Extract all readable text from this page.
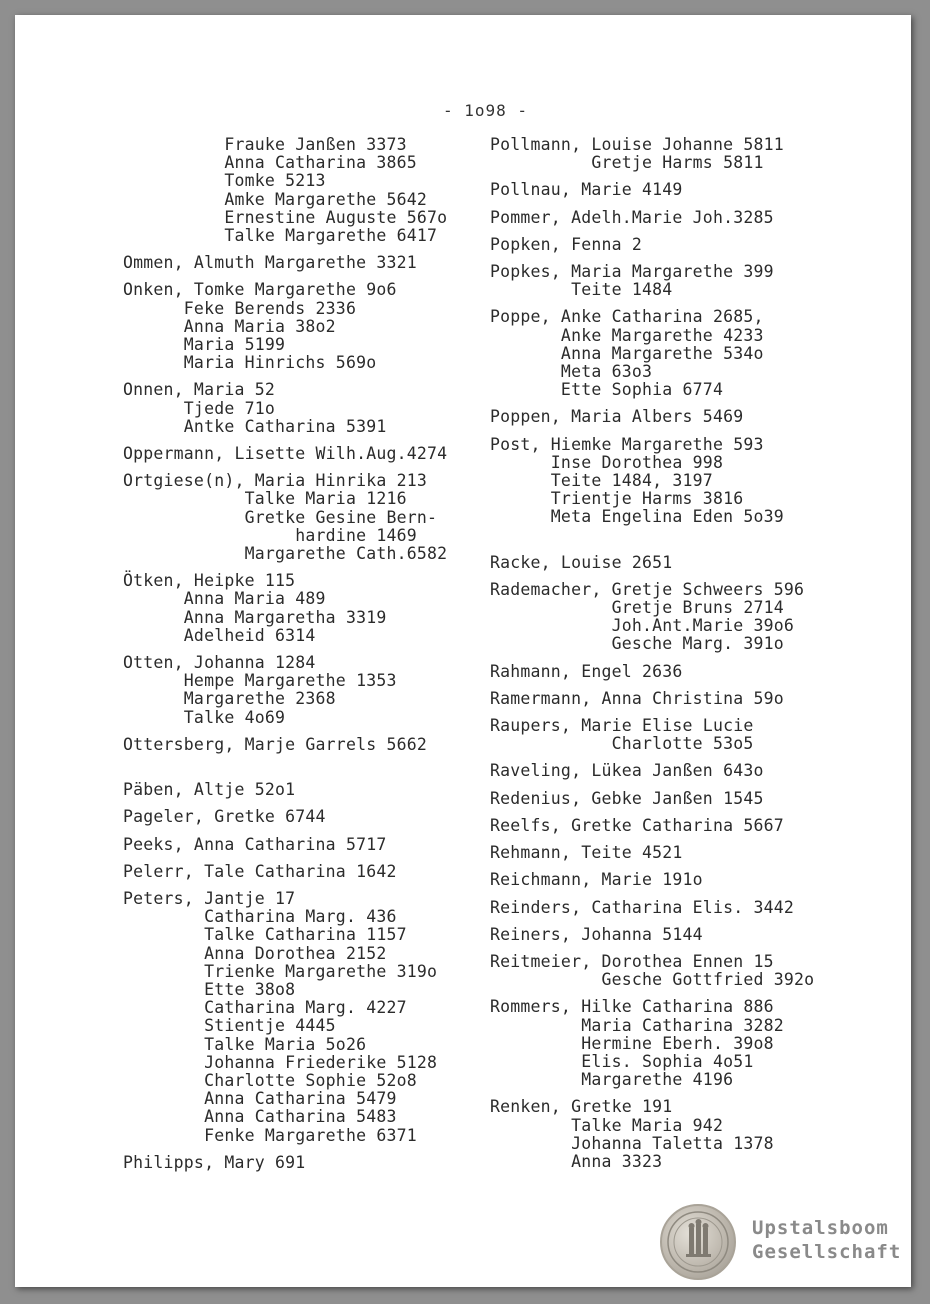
- 1o98 -
Frauke Janßen 3373
Anna Catharina 3865
Tomke 5213
Amke Margarethe 5642
Ernestine Auguste 567o
Talke Margarethe 6417
Ommen, Almuth Margarethe 3321
Onken, Tomke Margarethe 9o6
Feke Berends 2336
Anna Maria 38o2
Maria 5199
Maria Hinrichs 569o
Onnen, Maria 52
Tjede 71o
Antke Catharina 5391
Oppermann, Lisette Wilh.Aug.4274
Ortgiese(n), Maria Hinrika 213
Talke Maria 1216
Gretke Gesine Bern-
hardine 1469
Margarethe Cath.6582
Ötken, Heipke 115
Anna Maria 489
Anna Margaretha 3319
Adelheid 6314
Otten, Johanna 1284
Hempe Margarethe 1353
Margarethe 2368
Talke 4o69
Ottersberg, Marje Garrels 5662
Päben, Altje 52o1
Pageler, Gretke 6744
Peeks, Anna Catharina 5717
Pelerr, Tale Catharina 1642
Peters, Jantje 17
Catharina Marg. 436
Talke Catharina 1157
Anna Dorothea 2152
Trienke Margarethe 319o
Ette 38o8
Catharina Marg. 4227
Stientje 4445
Talke Maria 5o26
Johanna Friederike 5128
Charlotte Sophie 52o8
Anna Catharina 5479
Anna Catharina 5483
Fenke Margarethe 6371
Philipps, Mary 691
Pollmann, Louise Johanne 5811
Gretje Harms 5811
Pollnau, Marie 4149
Pommer, Adelh.Marie Joh.3285
Popken, Fenna 2
Popkes, Maria Margarethe 399
Teite 1484
Poppe, Anke Catharina 2685,
Anke Margarethe 4233
Anna Margarethe 534o
Meta 63o3
Ette Sophia 6774
Poppen, Maria Albers 5469
Post, Hiemke Margarethe 593
Inse Dorothea 998
Teite 1484, 3197
Trientje Harms 3816
Meta Engelina Eden 5o39
Racke, Louise 2651
Rademacher, Gretje Schweers 596
Gretje Bruns 2714
Joh.Ant.Marie 39o6
Gesche Marg. 391o
Rahmann, Engel 2636
Ramermann, Anna Christina 59o
Raupers, Marie Elise Lucie
Charlotte 53o5
Raveling, Lükea Janßen 643o
Redenius, Gebke Janßen 1545
Reelfs, Gretke Catharina 5667
Rehmann, Teite 4521
Reichmann, Marie 191o
Reinders, Catharina Elis. 3442
Reiners, Johanna 5144
Reitmeier, Dorothea Ennen 15
Gesche Gottfried 392o
Rommers, Hilke Catharina 886
Maria Catharina 3282
Hermine Eberh. 39o8
Elis. Sophia 4o51
Margarethe 4196
Renken, Gretke 191
Talke Maria 942
Johanna Taletta 1378
Anna 3323
Upstalsboom
Gesellschaft
